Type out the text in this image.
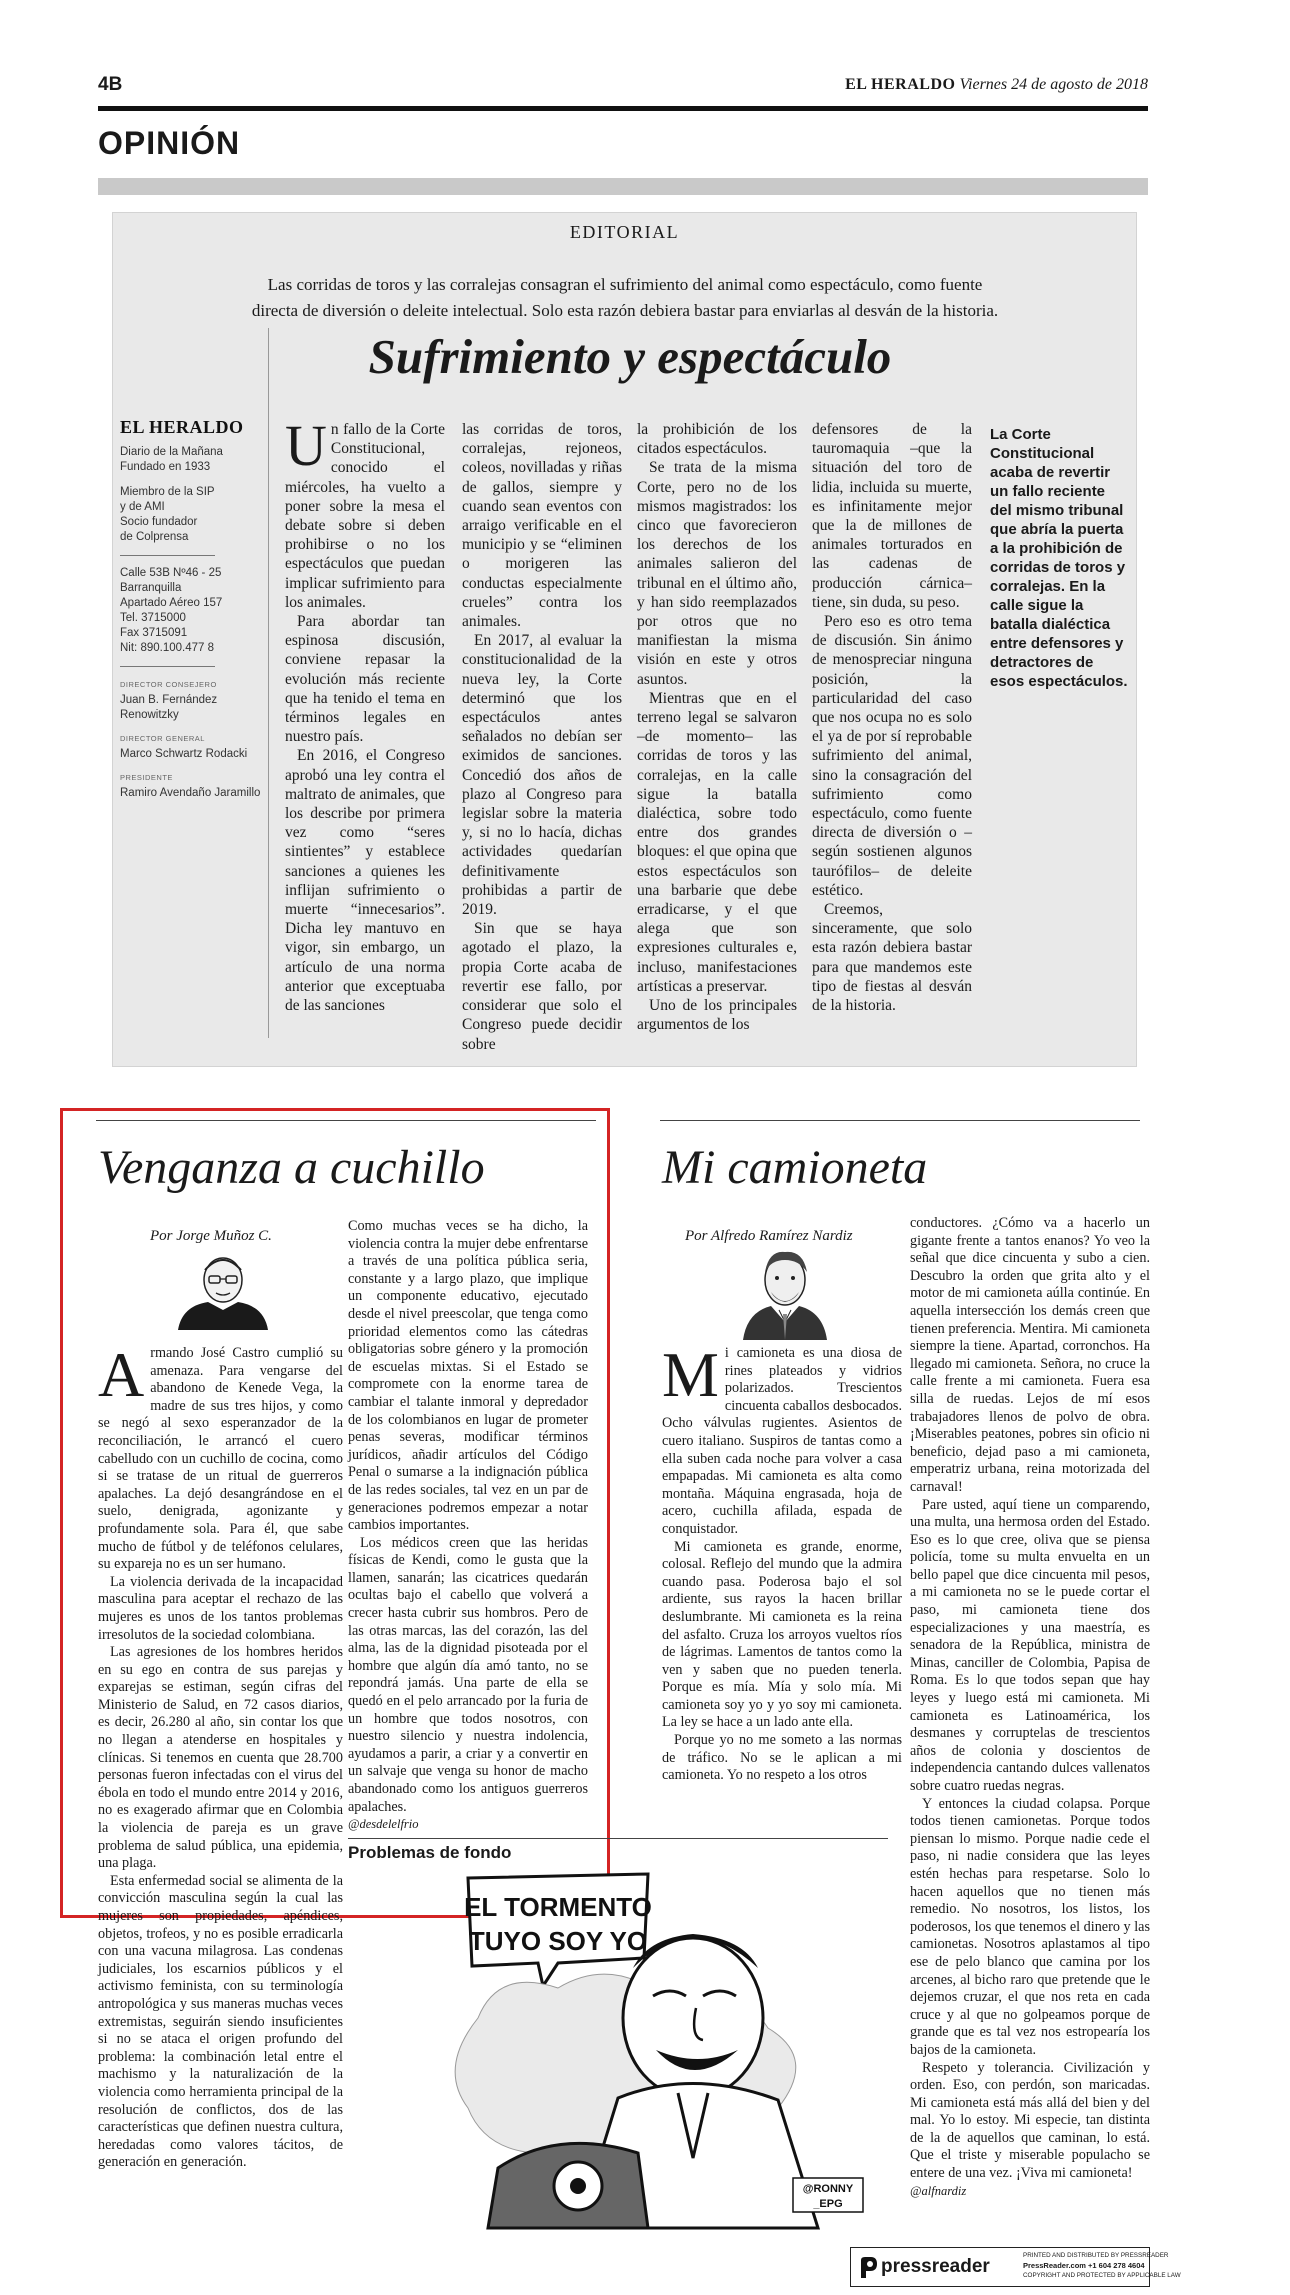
4B	EL HERALDO Viernes 24 de agosto de 2018
OPINIÓN
EDITORIAL
Las corridas de toros y las corralejas consagran el sufrimiento del animal como espectáculo, como fuente
directa de diversión o deleite intelectual. Solo esta razón debiera bastar para enviarlas al desván de la historia.
Sufrimiento y espectáculo
EL HERALDO

Diario de la Mañana
Fundado en 1933

Miembro de la SIP
y de AMI
Socio fundador
de Colprensa

Calle 53B Nº46 - 25
Barranquilla
Apartado Aéreo 157
Tel. 3715000
Fax 3715091
Nit: 890.100.477 8

DIRECTOR CONSEJERO
Juan B. Fernández Renowitzky
DIRECTOR GENERAL
Marco Schwartz Rodacki
PRESIDENTE
Ramiro Avendaño Jaramillo

Un fallo de la Corte Constitucional, conocido el miércoles, ha vuelto a poner sobre la mesa el debate sobre si deben prohibirse o no los espectáculos que puedan implicar sufrimiento para los animales.

Para abordar tan espinosa discusión, conviene repasar la evolución más reciente que ha tenido el tema en términos legales en nuestro país.

En 2016, el Congreso aprobó una ley contra el maltrato de animales, que los describe por primera vez como “seres sintientes” y establece sanciones a quienes les inflijan sufrimiento o muerte “innecesarios”. Dicha ley mantuvo en vigor, sin embargo, un artículo de una norma anterior que exceptuaba de las sanciones

las corridas de toros, corralejas, rejoneos, coleos, novilladas y riñas de gallos, siempre y cuando sean eventos con arraigo verificable en el municipio y se “eliminen o morigeren las conductas especialmente crueles” contra los animales.

En 2017, al evaluar la constitucionalidad de la nueva ley, la Corte determinó que los espectáculos antes señalados no debían ser eximidos de sanciones. Concedió dos años de plazo al Congreso para legislar sobre la materia y, si no lo hacía, dichas actividades quedarían definitivamente prohibidas a partir de 2019.

Sin que se haya agotado el plazo, la propia Corte acaba de revertir ese fallo, por considerar que solo el Congreso puede decidir sobre

la prohibición de los citados espectáculos.

Se trata de la misma Corte, pero no de los mismos magistrados: los cinco que favorecieron los derechos de los animales salieron del tribunal en el último año, y han sido reemplazados por otros que no manifiestan la misma visión en este y otros asuntos.

Mientras que en el terreno legal se salvaron –de momento– las corridas de toros y las corralejas, en la calle sigue la batalla dialéctica, sobre todo entre dos grandes bloques: el que opina que estos espectáculos son una barbarie que debe erradicarse, y el que alega que son expresiones culturales e, incluso, manifestaciones artísticas a preservar.

Uno de los principales argumentos de los

defensores de la tauromaquia –que la situación del toro de lidia, incluida su muerte, es infinitamente mejor que la de millones de animales torturados en las cadenas de producción cárnica– tiene, sin duda, su peso.

Pero eso es otro tema de discusión. Sin ánimo de menospreciar ninguna posición, la particularidad del caso que nos ocupa no es solo el ya de por sí reprobable sufrimiento del animal, sino la consagración del sufrimiento como espectáculo, como fuente directa de diversión o –según sostienen algunos taurófilos– de deleite estético.

Creemos, sinceramente, que solo esta razón debiera bastar para que mandemos este tipo de fiestas al desván de la historia.

La Corte Constitucional acaba de revertir un fallo reciente del mismo tribunal que abría la puerta a la prohibición de corridas de toros y corralejas. En la calle sigue la batalla dialéctica entre defensores y detractores de esos espectáculos.
Venganza a cuchillo
Por Jorge Muñoz C.

Armando José Castro cumplió su amenaza. Para vengarse del abandono de Kenede Vega, la madre de sus tres hijos, y como se negó al sexo esperanzador de la reconciliación, le arrancó el cuero cabelludo con un cuchillo de cocina, como si se tratase de un ritual de guerreros apalaches. La dejó desangrándose en el suelo, denigrada, agonizante y profundamente sola. Para él, que sabe mucho de fútbol y de teléfonos celulares, su expareja no es un ser humano.

La violencia derivada de la incapacidad masculina para aceptar el rechazo de las mujeres es unos de los tantos problemas irresolutos de la sociedad colombiana.

Las agresiones de los hombres heridos en su ego en contra de sus parejas y exparejas se estiman, según cifras del Ministerio de Salud, en 72 casos diarios, es decir, 26.280 al año, sin contar los que no llegan a atenderse en hospitales y clínicas. Si tenemos en cuenta que 28.700 personas fueron infectadas con el virus del ébola en todo el mundo entre 2014 y 2016, no es exagerado afirmar que en Colombia la violencia de pareja es un grave problema de salud pública, una epidemia, una plaga.

Esta enfermedad social se alimenta de la convicción masculina según la cual las mujeres son propiedades, apéndices, objetos, trofeos, y no es posible erradicarla con una vacuna milagrosa. Las condenas judiciales, los escarnios públicos y el activismo feminista, con su terminología antropológica y sus maneras muchas veces extremistas, seguirán siendo insuficientes si no se ataca el origen profundo del problema: la combinación letal entre el machismo y la naturalización de la violencia como herramienta principal de la resolución de conflictos, dos de las características que definen nuestra cultura, heredadas como valores tácitos, de generación en generación.

Como muchas veces se ha dicho, la violencia contra la mujer debe enfrentarse a través de una política pública seria, constante y a largo plazo, que implique un componente educativo, ejecutado desde el nivel preescolar, que tenga como prioridad elementos como las cátedras obligatorias sobre género y la promoción de escuelas mixtas. Si el Estado se compromete con la enorme tarea de cambiar el talante inmoral y depredador de los colombianos en lugar de prometer penas severas, modificar términos jurídicos, añadir artículos del Código Penal o sumarse a la indignación pública de las redes sociales, tal vez en un par de generaciones podremos empezar a notar cambios importantes.

Los médicos creen que las heridas físicas de Kendi, como le gusta que la llamen, sanarán; las cicatrices quedarán ocultas bajo el cabello que volverá a crecer hasta cubrir sus hombros. Pero de las otras marcas, las del corazón, las del alma, las de la dignidad pisoteada por el hombre que algún día amó tanto, no se repondrá jamás. Una parte de ella se quedó en el pelo arrancado por la furia de un hombre que todos nosotros, con nuestro silencio y nuestra indolencia, ayudamos a parir, a criar y a convertir en un salvaje que venga su honor de macho abandonado como los antiguos guerreros apalaches.

@desdelelfrio

Problemas de fondo
EL TORMENTO
TUYO SOY YO
@RONNY
_EPG
Mi camioneta
Por Alfredo Ramírez Nardiz

Mi camioneta es una diosa de rines plateados y vidrios polarizados. Trescientos cincuenta caballos desbocados. Ocho válvulas rugientes. Asientos de cuero italiano. Suspiros de tantas como a ella suben cada noche para volver a casa empapadas. Mi camioneta es alta como montaña. Máquina engrasada, hoja de acero, cuchilla afilada, espada de conquistador.

Mi camioneta es grande, enorme, colosal. Reflejo del mundo que la admira cuando pasa. Poderosa bajo el sol ardiente, sus rayos la hacen brillar deslumbrante. Mi camioneta es la reina del asfalto. Cruza los arroyos vueltos ríos de lágrimas. Lamentos de tantos como la ven y saben que no pueden tenerla. Porque es mía. Mía y solo mía. Mi camioneta soy yo y yo soy mi camioneta. La ley se hace a un lado ante ella.

Porque yo no me someto a las normas de tráfico. No se le aplican a mi camioneta. Yo no respeto a los otros

conductores. ¿Cómo va a hacerlo un gigante frente a tantos enanos? Yo veo la señal que dice cincuenta y subo a cien. Descubro la orden que grita alto y el motor de mi camioneta aúlla continúe. En aquella intersección los demás creen que tienen preferencia. Mentira. Mi camioneta siempre la tiene. Apartad, corronchos. Ha llegado mi camioneta. Señora, no cruce la calle frente a mi camioneta. Fuera esa silla de ruedas. Lejos de mí esos trabajadores llenos de polvo de obra. ¡Miserables peatones, pobres sin oficio ni beneficio, dejad paso a mi camioneta, emperatriz urbana, reina motorizada del carnaval!

Pare usted, aquí tiene un comparendo, una multa, una hermosa orden del Estado. Eso es lo que cree, oliva que se piensa policía, tome su multa envuelta en un bello papel que dice cincuenta mil pesos, a mi camioneta no se le puede cortar el paso, mi camioneta tiene dos especializaciones y una maestría, es senadora de la República, ministra de Minas, canciller de Colombia, Papisa de Roma. Es lo que todos sepan que hay leyes y luego está mi camioneta. Mi camioneta es Latinoamérica, los desmanes y corruptelas de trescientos años de colonia y doscientos de independencia cantando dulces vallenatos sobre cuatro ruedas negras.

Y entonces la ciudad colapsa. Porque todos tienen camionetas. Porque todos piensan lo mismo. Porque nadie cede el paso, ni nadie considera que las leyes estén hechas para respetarse. Solo lo hacen aquellos que no tienen más remedio. No nosotros, los listos, los poderosos, los que tenemos el dinero y las camionetas. Nosotros aplastamos al tipo ese de pelo blanco que camina por los arcenes, al bicho raro que pretende que le dejemos cruzar, el que nos reta en cada cruce y al que no golpeamos porque de grande que es tal vez nos estropearía los bajos de la camioneta.

Respeto y tolerancia. Civilización y orden. Eso, con perdón, son maricadas. Mi camioneta está más allá del bien y del mal. Yo lo estoy. Mi especie, tan distinta de la de aquellos que caminan, lo está. Que el triste y miserable populacho se entere de una vez. ¡Viva mi camioneta!

@alfnardiz

pressreader
PRINTED AND DISTRIBUTED BY PRESSREADER
PressReader.com +1 604 278 4604
COPYRIGHT AND PROTECTED BY APPLICABLE LAW
